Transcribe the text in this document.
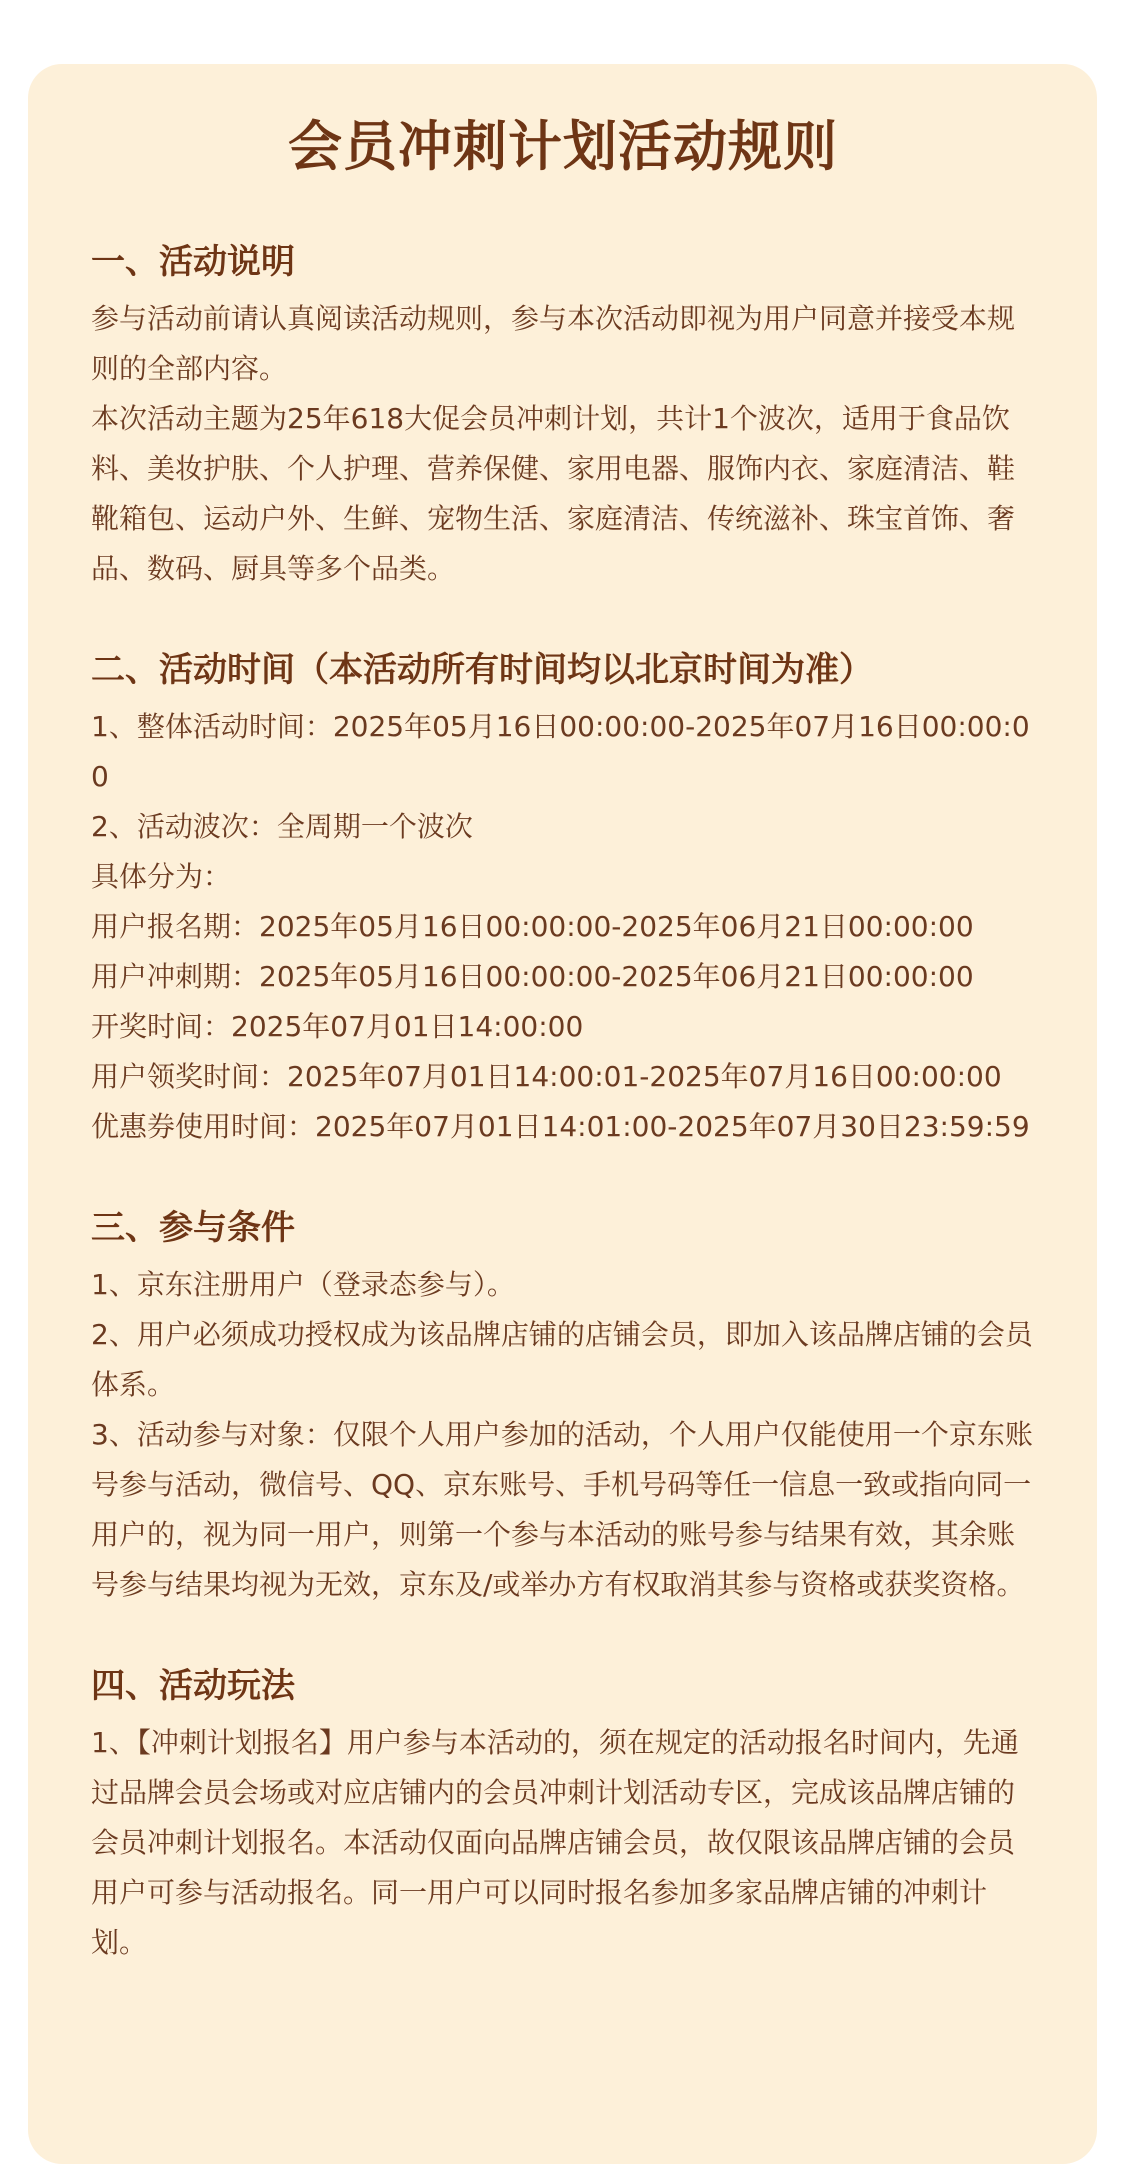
会员冲刺计划活动规则
一、活动说明

参与活动前请认真阅读活动规则，参与本次活动即视为用户同意并接受本规则的全部内容。

本次活动主题为25年618大促会员冲刺计划，共计1个波次，适用于食品饮料、美妆护肤、个人护理、营养保健、家用电器、服饰内衣、家庭清洁、鞋靴箱包、运动户外、生鲜、宠物生活、家庭清洁、传统滋补、珠宝首饰、奢品、数码、厨具等多个品类。

二、活动时间（本活动所有时间均以北京时间为准）

1、整体活动时间：2025年05月16日00:00:00-2025年07月16日00:00:00

2、活动波次：全周期一个波次

具体分为：

用户报名期：2025年05月16日00:00:00-2025年06月21日00:00:00

用户冲刺期：2025年05月16日00:00:00-2025年06月21日00:00:00

开奖时间：2025年07月01日14:00:00

用户领奖时间：2025年07月01日14:00:01-2025年07月16日00:00:00

优惠券使用时间：2025年07月01日14:01:00-2025年07月30日23:59:59

三、参与条件

1、京东注册用户（登录态参与）。

2、用户必须成功授权成为该品牌店铺的店铺会员，即加入该品牌店铺的会员体系。

3、活动参与对象：仅限个人用户参加的活动，个人用户仅能使用一个京东账号参与活动，微信号、QQ、京东账号、手机号码等任一信息一致或指向同一用户的，视为同一用户，则第一个参与本活动的账号参与结果有效，其余账号参与结果均视为无效，京东及/或举办方有权取消其参与资格或获奖资格。

四、活动玩法

1、【冲刺计划报名】用户参与本活动的，须在规定的活动报名时间内，先通过品牌会员会场或对应店铺内的会员冲刺计划活动专区，完成该品牌店铺的会员冲刺计划报名。本活动仅面向品牌店铺会员，故仅限该品牌店铺的会员用户可参与活动报名。同一用户可以同时报名参加多家品牌店铺的冲刺计划。
